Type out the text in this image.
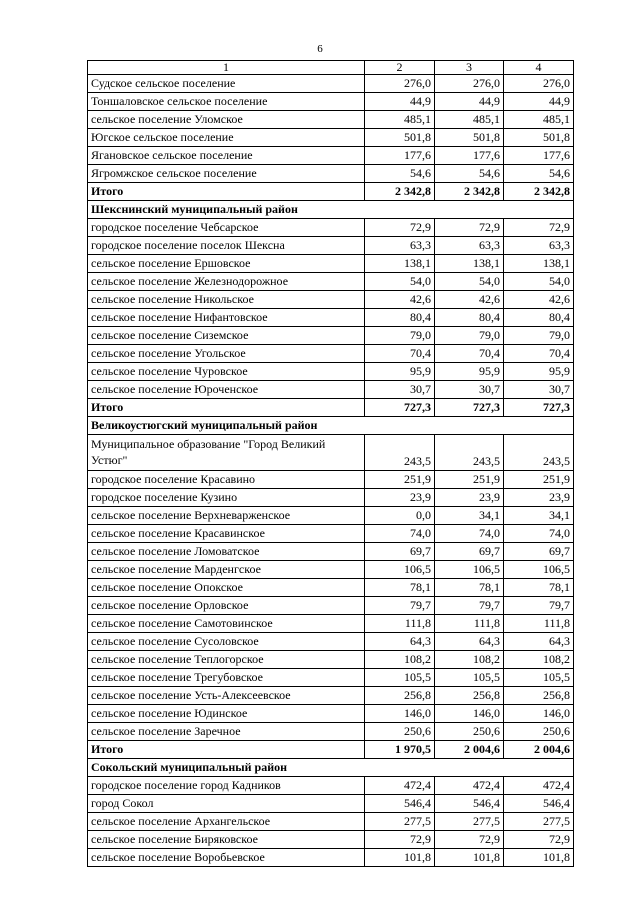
6
1	2	3	4
Судское сельское поселение	276,0	276,0	276,0
Тоншаловское сельское поселение	44,9	44,9	44,9
сельское поселение Уломское	485,1	485,1	485,1
Югское сельское поселение	501,8	501,8	501,8
Ягановское сельское поселение	177,6	177,6	177,6
Ягромжское сельское поселение	54,6	54,6	54,6
Итого	2 342,8	2 342,8	2 342,8
Шекснинский муниципальный район			
городское поселение Чебсарское	72,9	72,9	72,9
городское поселение поселок Шексна	63,3	63,3	63,3
сельское поселение Ершовское	138,1	138,1	138,1
сельское поселение Железнодорожное	54,0	54,0	54,0
сельское поселение Никольское	42,6	42,6	42,6
сельское поселение Нифантовское	80,4	80,4	80,4
сельское поселение Сиземское	79,0	79,0	79,0
сельское поселение Угольское	70,4	70,4	70,4
сельское поселение Чуровское	95,9	95,9	95,9
сельское поселение Юроченское	30,7	30,7	30,7
Итого	727,3	727,3	727,3
Великоустюгский муниципальный район			
Муниципальное образование "Город Великий Устюг"	243,5	243,5	243,5
городское поселение Красавино	251,9	251,9	251,9
городское поселение Кузино	23,9	23,9	23,9
сельское поселение Верхневарженское	0,0	34,1	34,1
сельское поселение Красавинское	74,0	74,0	74,0
сельское поселение Ломоватское	69,7	69,7	69,7
сельское поселение Марденгское	106,5	106,5	106,5
сельское поселение Опокское	78,1	78,1	78,1
сельское поселение Орловское	79,7	79,7	79,7
сельское поселение Самотовинское	111,8	111,8	111,8
сельское поселение Сусоловское	64,3	64,3	64,3
сельское поселение Теплогорское	108,2	108,2	108,2
сельское поселение Трегубовское	105,5	105,5	105,5
сельское поселение Усть-Алексеевское	256,8	256,8	256,8
сельское поселение Юдинское	146,0	146,0	146,0
сельское поселение Заречное	250,6	250,6	250,6
Итого	1 970,5	2 004,6	2 004,6
Сокольский муниципальный район			
городское поселение город Кадников	472,4	472,4	472,4
город Сокол	546,4	546,4	546,4
сельское поселение Архангельское	277,5	277,5	277,5
сельское поселение Биряковское	72,9	72,9	72,9
сельское поселение Воробьевское	101,8	101,8	101,8
